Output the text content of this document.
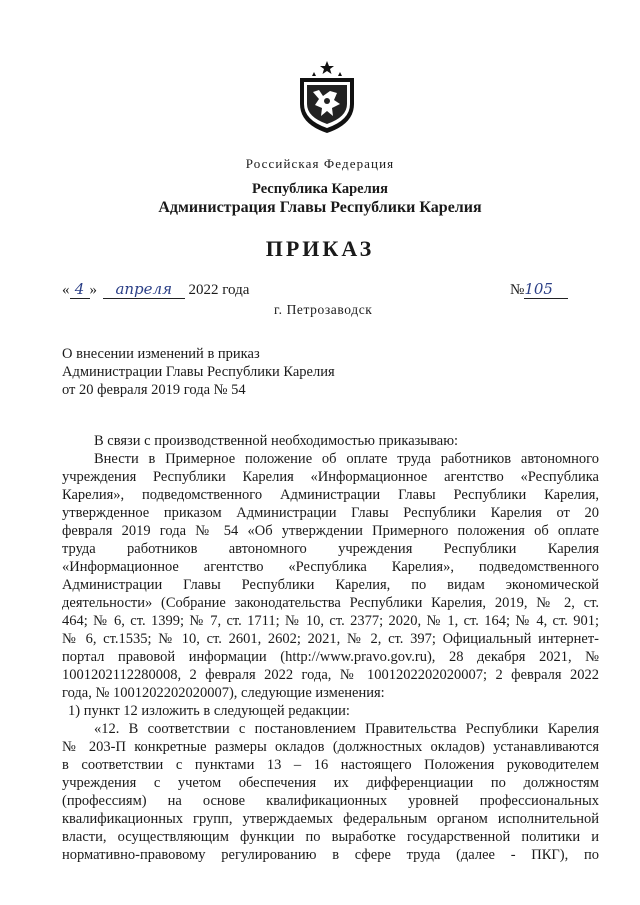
Российская Федерация
Республика Карелия
Администрация Главы Республики Карелия
ПРИКАЗ
« 4 » апреля 2022 года	№105
г. Петрозаводск
О внесении изменений в приказ
Администрации Главы Республики Карелия
от 20 февраля 2019 года № 54

В связи с производственной необходимостью приказываю:

Внести в Примерное положение об оплате труда работников автономного

учреждения Республики Карелия «Информационное агентство «Республика

Карелия», подведомственного Администрации Главы Республики Карелия,

утвержденное приказом Администрации Главы Республики Карелия от 20

февраля 2019 года № 54 «Об утверждении Примерного положения об оплате

труда работников автономного учреждения Республики Карелия

«Информационное агентство «Республика Карелия», подведомственного

Администрации Главы Республики Карелия, по видам экономической

деятельности» (Собрание законодательства Республики Карелия, 2019, № 2, ст.

464; № 6, ст. 1399; № 7, ст. 1711; № 10, ст. 2377; 2020, № 1, ст. 164; № 4, ст. 901;

№ 6, ст.1535; № 10, ст. 2601, 2602; 2021, № 2, ст. 397; Официальный интернет-

портал правовой информации (http://www.pravo.gov.ru), 28 декабря 2021, №

1001202112280008, 2 февраля 2022 года, № 1001202202020007; 2 февраля 2022

года, № 1001202202020007), следующие изменения:

1) пункт 12 изложить в следующей редакции:

«12. В соответствии с постановлением Правительства Республики Карелия

№ 203-П конкретные размеры окладов (должностных окладов) устанавливаются

в соответствии с пунктами 13 – 16 настоящего Положения руководителем

учреждения с учетом обеспечения их дифференциации по должностям

(профессиям) на основе квалификационных уровней профессиональных

квалификационных групп, утверждаемых федеральным органом исполнительной

власти, осуществляющим функции по выработке государственной политики и

нормативно-правовому регулированию в сфере труда (далее - ПКГ), по
